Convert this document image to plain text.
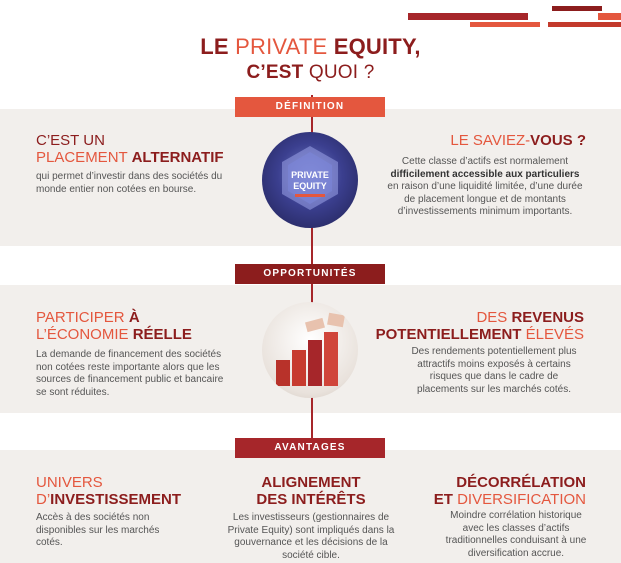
LE PRIVATE EQUITY,
C’EST QUOI ?
DÉFINITION
OPPORTUNITÉS
AVANTAGES
C’EST UN
PLACEMENT ALTERNATIF
qui permet d’investir dans des sociétés du monde entier non cotées en bourse.
PRIVATE EQUITY
LE SAVIEZ-VOUS ?
Cette classe d’actifs est normalement difficilement accessible aux particuliers en raison d’une liquidité limitée, d’une durée de placement longue et de montants d’investissements minimum importants.
PARTICIPER À
L’ÉCONOMIE RÉELLE
La demande de financement des sociétés non cotées reste importante alors que les sources de financement public et bancaire se sont réduites.
DES REVENUS
POTENTIELLEMENT ÉLEVÉS
Des rendements potentiellement plus attractifs moins exposés à certains risques que dans le cadre de placements sur les marchés cotés.
UNIVERS
D’INVESTISSEMENT
Accès à des sociétés non disponibles sur les marchés cotés.
ALIGNEMENT
DES INTÉRÊTS
Les investisseurs (gestionnaires de Private Equity) sont impliqués dans la gouvernance et les décisions de la société cible.
DÉCORRÉLATION
ET DIVERSIFICATION
Moindre corrélation historique avec les classes d’actifs traditionnelles conduisant à une diversification accrue.
